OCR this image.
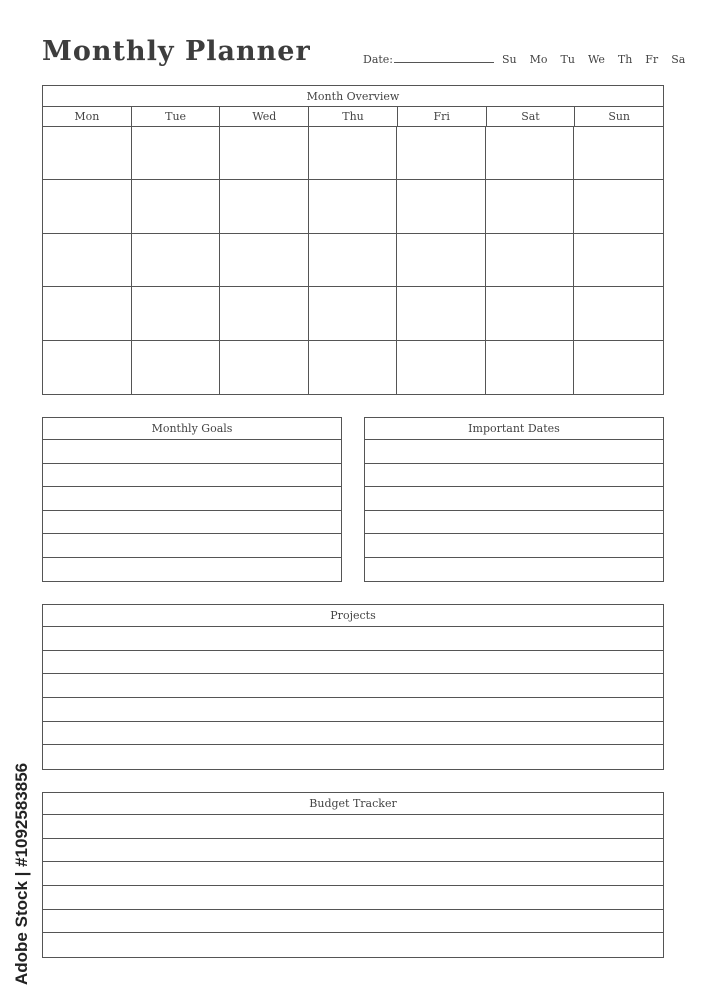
Monthly Planner	Date:	Su Mo Tu We Th Fr Sa
Month Overview
Mon	Tue	Wed	Thu	Fri	Sat	Sun
Monthly Goals	Important Dates
Projects
Budget Tracker
Adobe Stock | #1092583856
